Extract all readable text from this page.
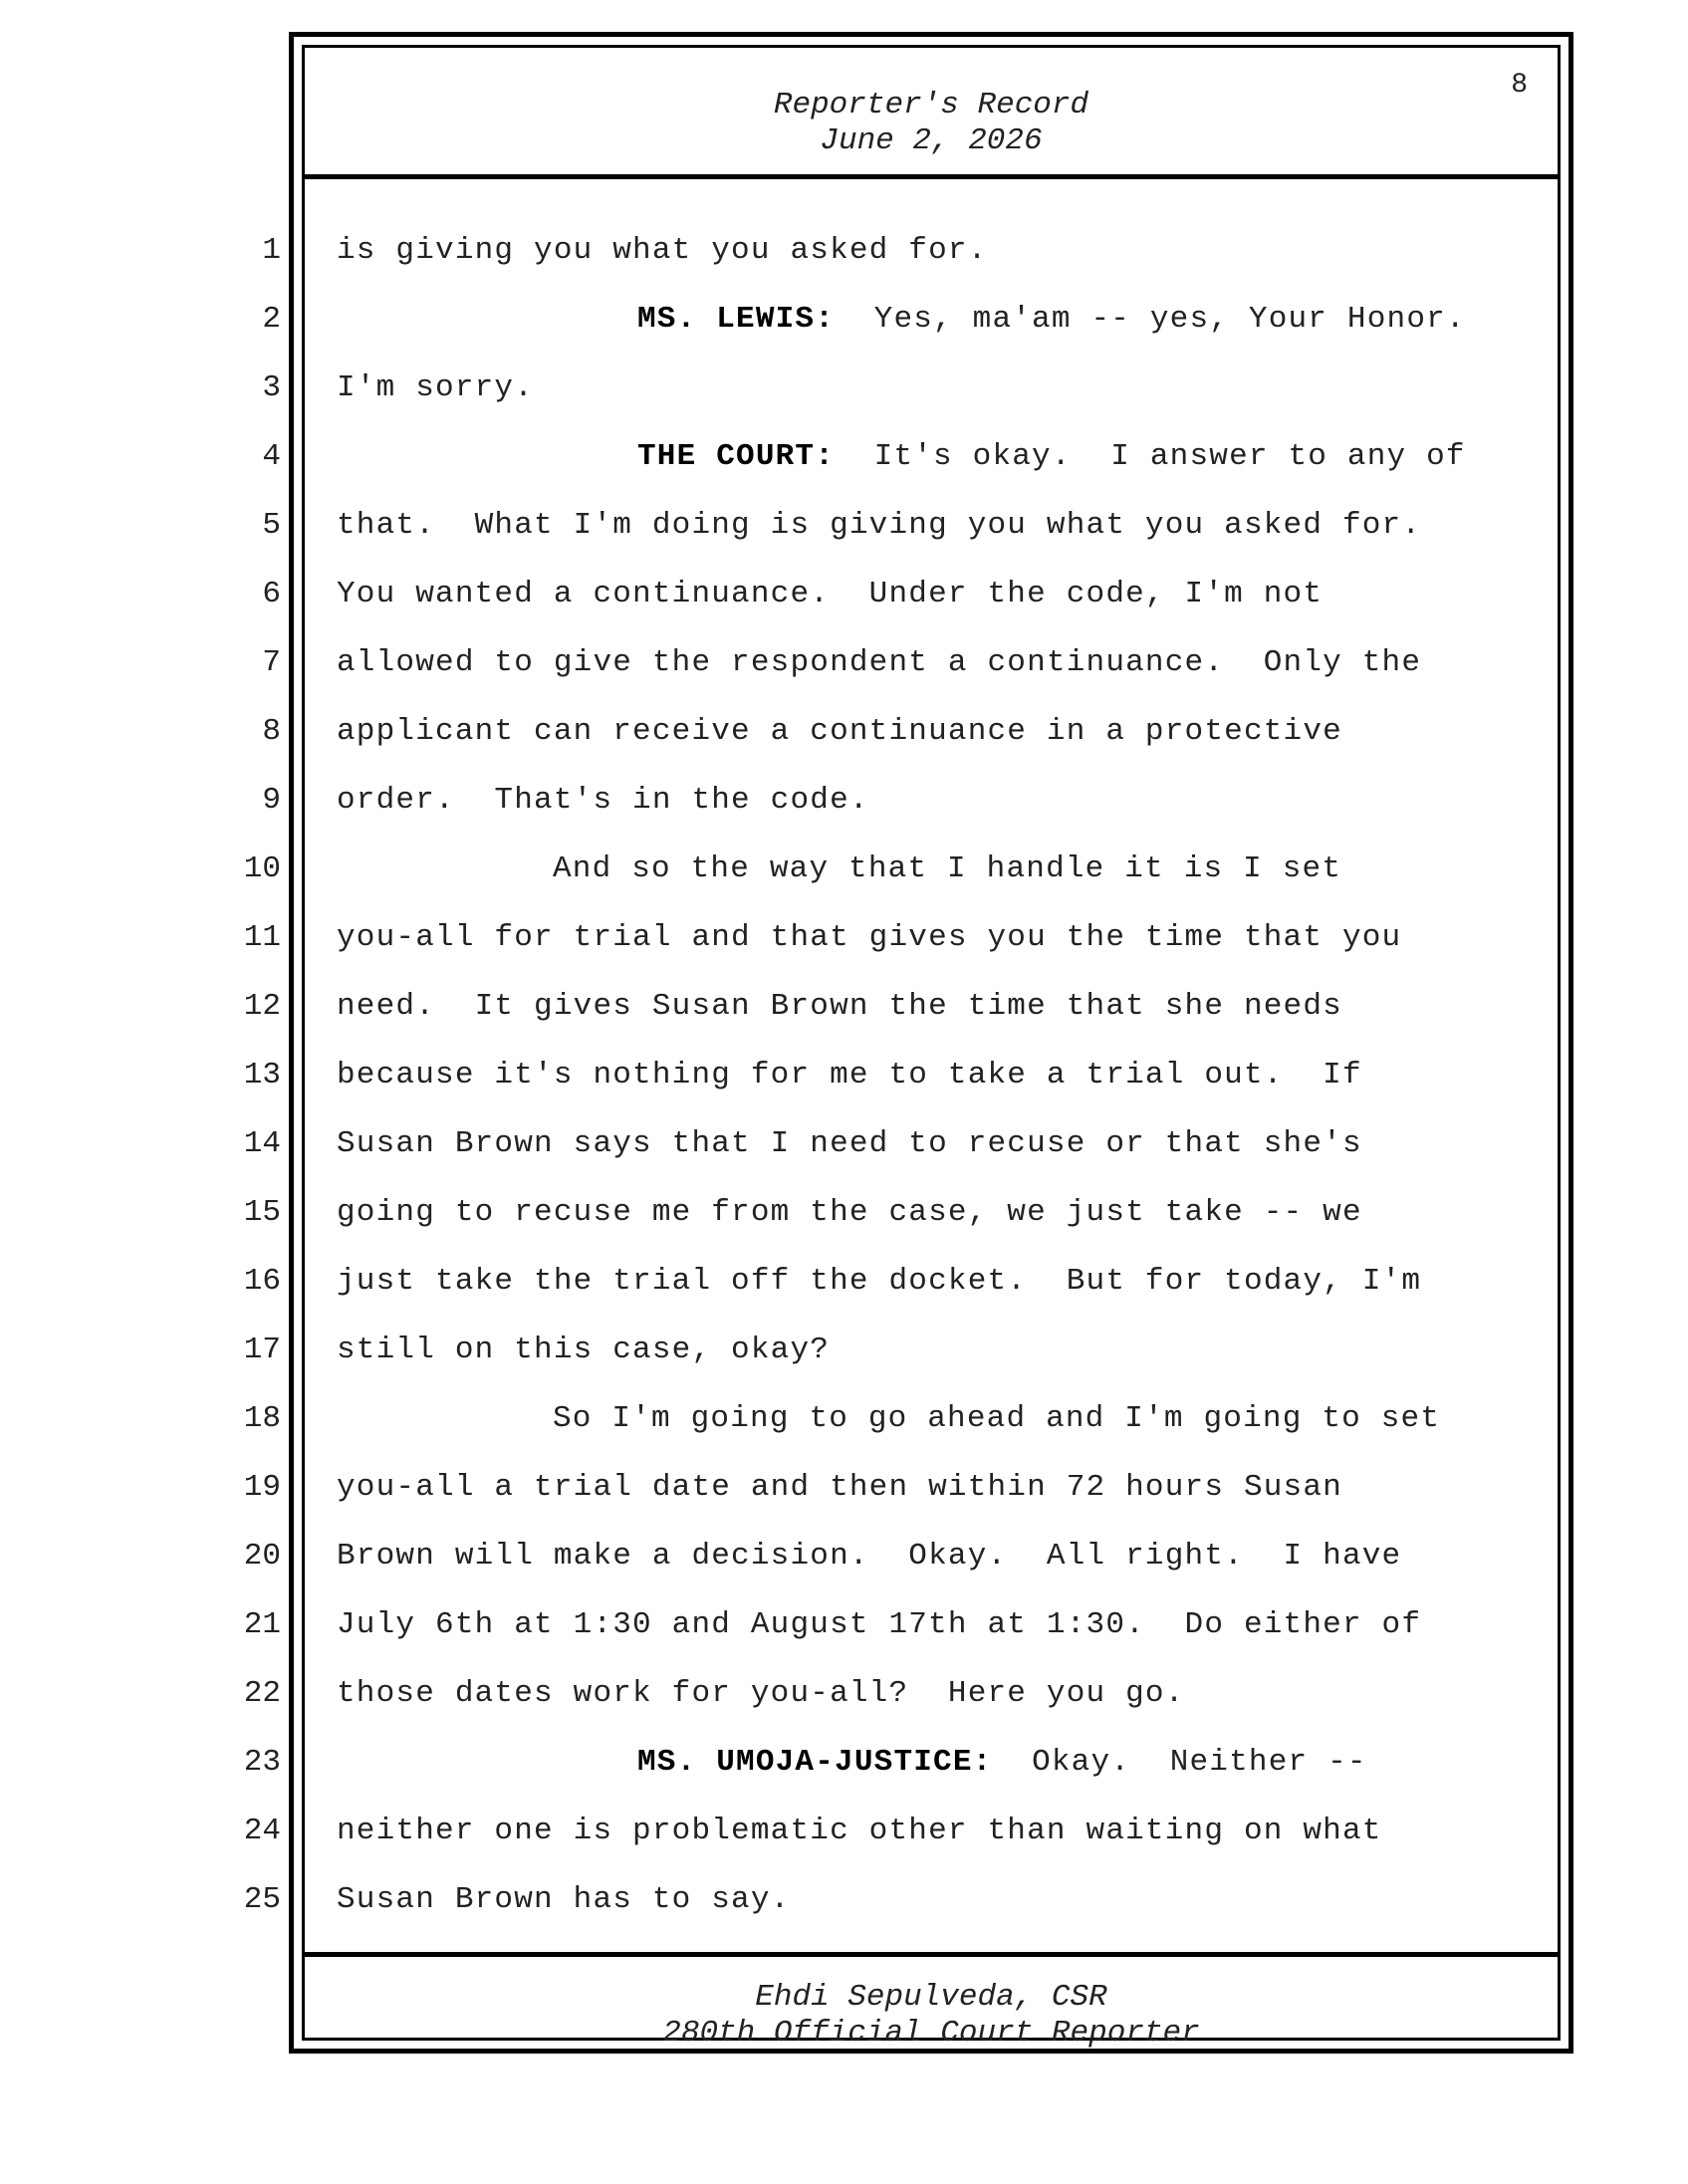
Reporter's Record
June 2, 2026
8
Ehdi Sepulveda, CSR
280th Official Court Reporter
1 is giving you what you asked for.
2	MS. LEWIS:  Yes, ma'am -- yes, Your Honor.
3 I'm sorry.
4	THE COURT:  It's okay.  I answer to any of
5 that.  What I'm doing is giving you what you asked for.
6 You wanted a continuance.  Under the code, I'm not
7 allowed to give the respondent a continuance.  Only the
8 applicant can receive a continuance in a protective
9 order.  That's in the code.
10	And so the way that I handle it is I set
11 you-all for trial and that gives you the time that you
12 need.  It gives Susan Brown the time that she needs
13 because it's nothing for me to take a trial out.  If
14 Susan Brown says that I need to recuse or that she's
15 going to recuse me from the case, we just take -- we
16 just take the trial off the docket.  But for today, I'm
17 still on this case, okay?
18	So I'm going to go ahead and I'm going to set
19 you-all a trial date and then within 72 hours Susan
20 Brown will make a decision.  Okay.  All right.  I have
21 July 6th at 1:30 and August 17th at 1:30.  Do either of
22 those dates work for you-all?  Here you go.
23	MS. UMOJA-JUSTICE:  Okay.  Neither --
24 neither one is problematic other than waiting on what
25 Susan Brown has to say.
